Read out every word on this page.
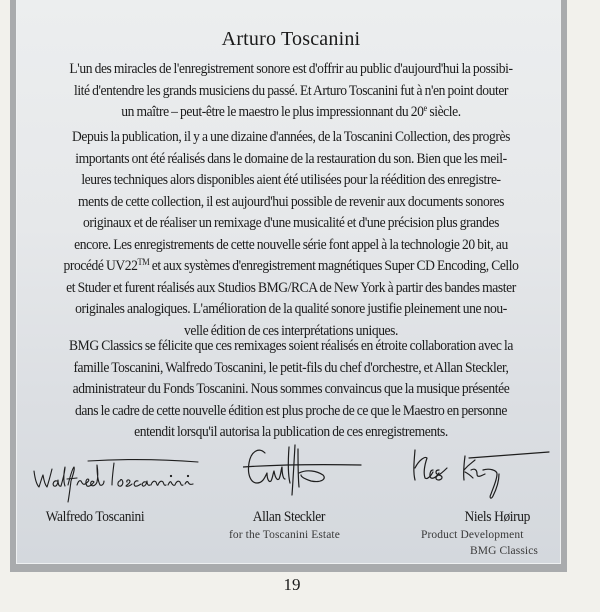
Arturo Toscanini
L'un des miracles de l'enregistrement sonore est d'offrir au public d'aujourd'hui la possibi-
lité d'entendre les grands musiciens du passé. Et Arturo Toscanini fut à n'en point douter
un maître – peut-être le maestro le plus impressionnant du 20e siècle.
Depuis la publication, il y a une dizaine d'années, de la Toscanini Collection, des progrès
importants ont été réalisés dans le domaine de la restauration du son. Bien que les meil-
leures techniques alors disponibles aient été utilisées pour la réédition des enregistre-
ments de cette collection, il est aujourd'hui possible de revenir aux documents sonores
originaux et de réaliser un remixage d'une musicalité et d'une précision plus grandes
encore. Les enregistrements de cette nouvelle série font appel à la technologie 20 bit, au
procédé UV22™ et aux systèmes d'enregistrement magnétiques Super CD Encoding, Cello
et Studer et furent réalisés aux Studios BMG/RCA de New York à partir des bandes master
originales analogiques. L'amélioration de la qualité sonore justifie pleinement une nou-
velle édition de ces interprétations uniques.
BMG Classics se félicite que ces remixages soient réalisés en étroite collaboration avec la
famille Toscanini, Walfredo Toscanini, le petit-fils du chef d'orchestre, et Allan Steckler,
administrateur du Fonds Toscanini. Nous sommes convaincus que la musique présentée
dans le cadre de cette nouvelle édition est plus proche de ce que le Maestro en personne
entendit lorsqu'il autorisa la publication de ces enregistrements.
Walfredo Toscanini	Allan Steckler
for the Toscanini Estate
Niels Høirup
Product Development
BMG Classics
19
